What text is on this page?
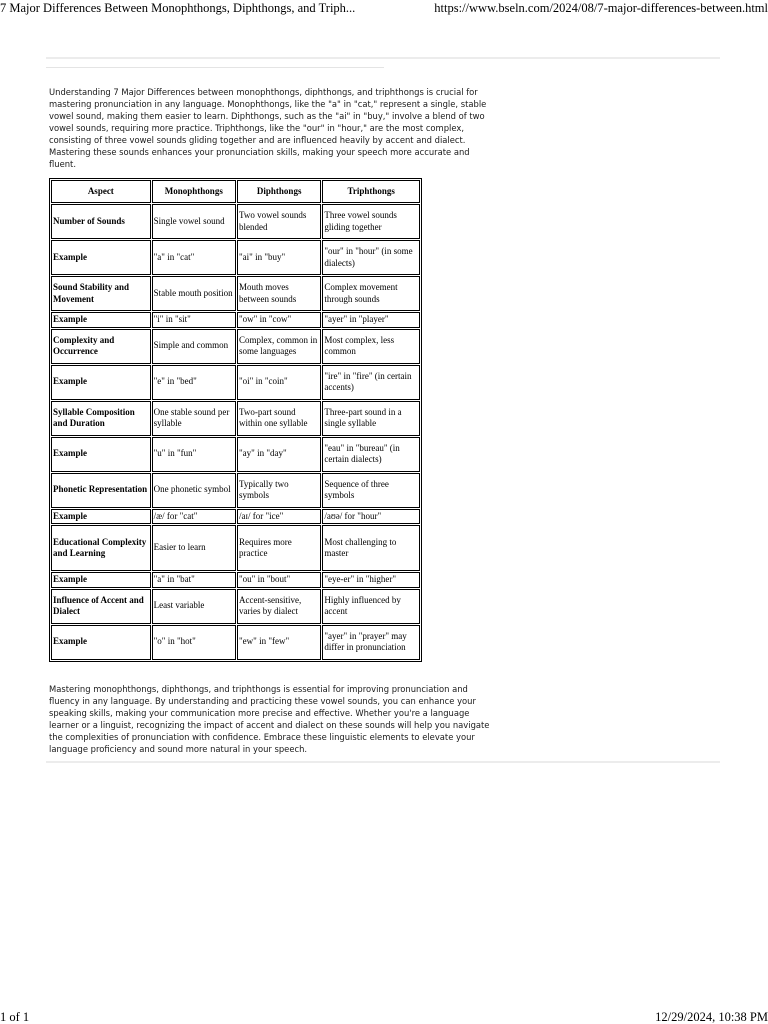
7 Major Differences Between Monophthongs, Diphthongs, and Triph...	https://www.bseln.com/2024/08/7-major-differences-between.html

Understanding 7 Major Differences between monophthongs, diphthongs, and triphthongs is crucial for mastering pronunciation in any language. Monophthongs, like the "a" in "cat," represent a single, stable vowel sound, making them easier to learn. Diphthongs, such as the "ai" in "buy," involve a blend of two vowel sounds, requiring more practice. Triphthongs, like the "our" in "hour," are the most complex, consisting of three vowel sounds gliding together and are influenced heavily by accent and dialect. Mastering these sounds enhances your pronunciation skills, making your speech more accurate and fluent.

Aspect	Monophthongs	Diphthongs	Triphthongs
Number of Sounds	Single vowel sound	Two vowel sounds blended	Three vowel sounds gliding together
Example	"a" in "cat"	"ai" in "buy"	"our" in "hour" (in some dialects)
Sound Stability and Movement	Stable mouth position	Mouth moves between sounds	Complex movement through sounds
Example	"i" in "sit"	"ow" in "cow"	"ayer" in "player"
Complexity and Occurrence	Simple and common	Complex, common in some languages	Most complex, less common
Example	"e" in "bed"	"oi" in "coin"	"ire" in "fire" (in certain accents)
Syllable Composition and Duration	One stable sound per syllable	Two-part sound within one syllable	Three-part sound in a single syllable
Example	"u" in "fun"	"ay" in "day"	"eau" in "bureau" (in certain dialects)
Phonetic Representation	One phonetic symbol	Typically two symbols	Sequence of three symbols
Example	/æ/ for "cat"	/aɪ/ for "ice"	/aʊə/ for "hour"
Educational Complexity and Learning	Easier to learn	Requires more practice	Most challenging to master
Example	"a" in "bat"	"ou" in "bout"	"eye-er" in "higher"
Influence of Accent and Dialect	Least variable	Accent-sensitive, varies by dialect	Highly influenced by accent
Example	"o" in "hot"	"ew" in "few"	"ayer" in "prayer" may differ in pronunciation

Mastering monophthongs, diphthongs, and triphthongs is essential for improving pronunciation and fluency in any language. By understanding and practicing these vowel sounds, you can enhance your speaking skills, making your communication more precise and effective. Whether you're a language learner or a linguist, recognizing the impact of accent and dialect on these sounds will help you navigate the complexities of pronunciation with confidence. Embrace these linguistic elements to elevate your language proficiency and sound more natural in your speech.

1 of 1	12/29/2024, 10:38 PM
